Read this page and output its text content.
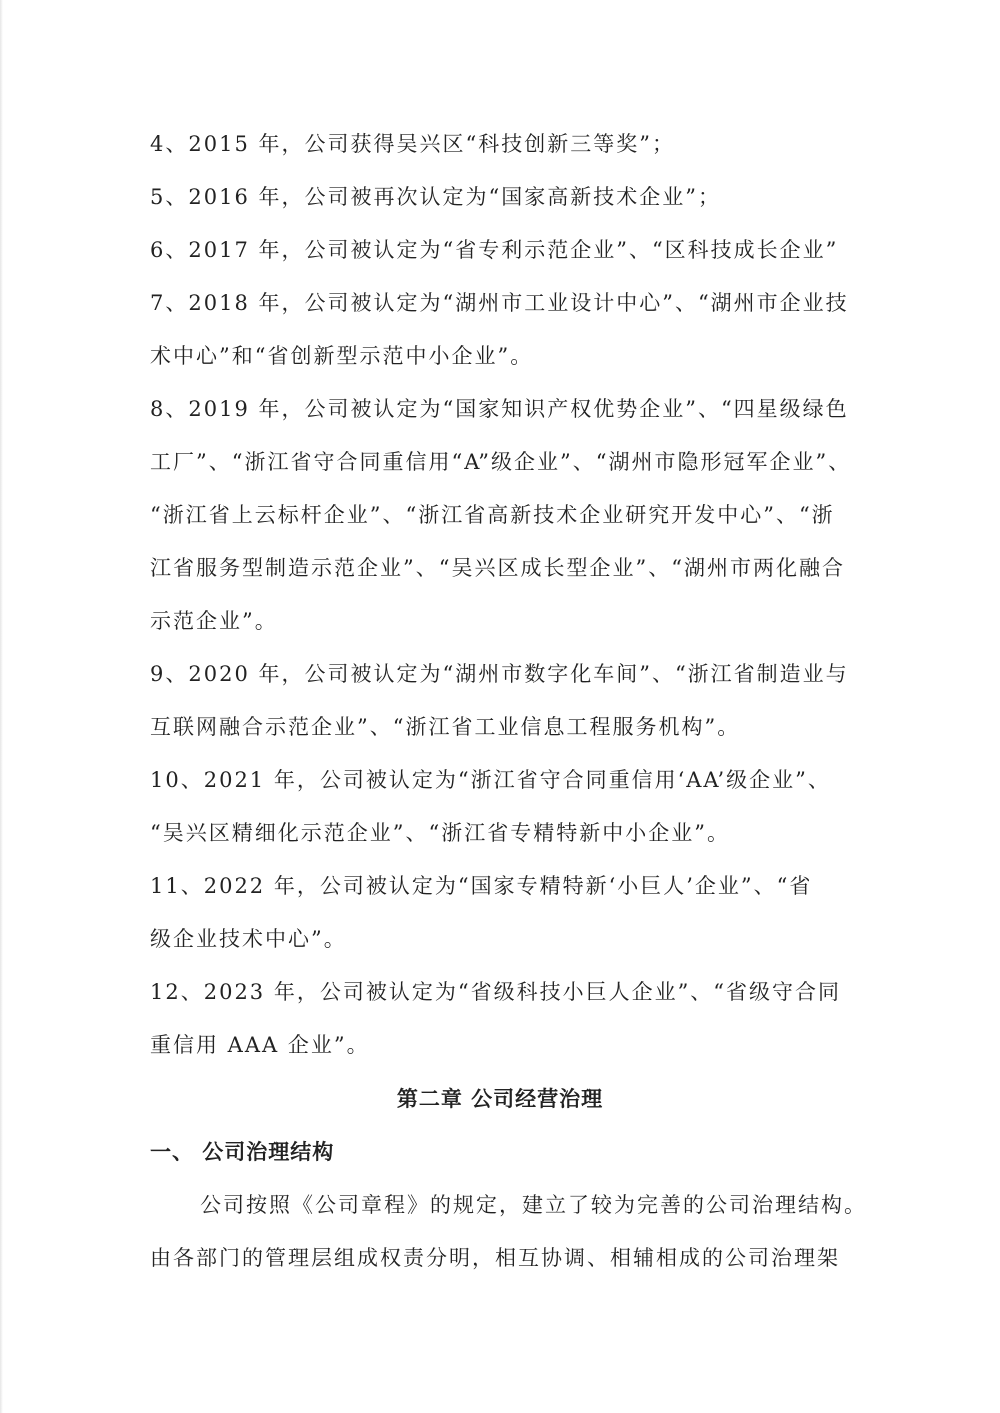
4、2015 年，公司获得吴兴区“科技创新三等奖”；
5、2016 年，公司被再次认定为“国家高新技术企业”；
6、2017 年，公司被认定为“省专利示范企业”、“区科技成长企业”
7、2018 年，公司被认定为“湖州市工业设计中心”、“湖州市企业技
术中心”和“省创新型示范中小企业”。
8、2019 年，公司被认定为“国家知识产权优势企业”、“四星级绿色
工厂”、“浙江省守合同重信用“A”级企业”、“湖州市隐形冠军企业”、
“浙江省上云标杆企业”、“浙江省高新技术企业研究开发中心”、“浙
江省服务型制造示范企业”、“吴兴区成长型企业”、“湖州市两化融合
示范企业”。
9、2020 年，公司被认定为“湖州市数字化车间”、“浙江省制造业与
互联网融合示范企业”、“浙江省工业信息工程服务机构”。
10、2021 年，公司被认定为“浙江省守合同重信用‘AA’级企业”、
“吴兴区精细化示范企业”、“浙江省专精特新中小企业”。
11、2022 年，公司被认定为“国家专精特新‘小巨人’企业”、“省
级企业技术中心”。
12、2023 年，公司被认定为“省级科技小巨人企业”、“省级守合同
重信用 AAA 企业”。
第二章 公司经营治理
一、 公司治理结构
公司按照《公司章程》的规定，建立了较为完善的公司治理结构。
由各部门的管理层组成权责分明，相互协调、相辅相成的公司治理架
